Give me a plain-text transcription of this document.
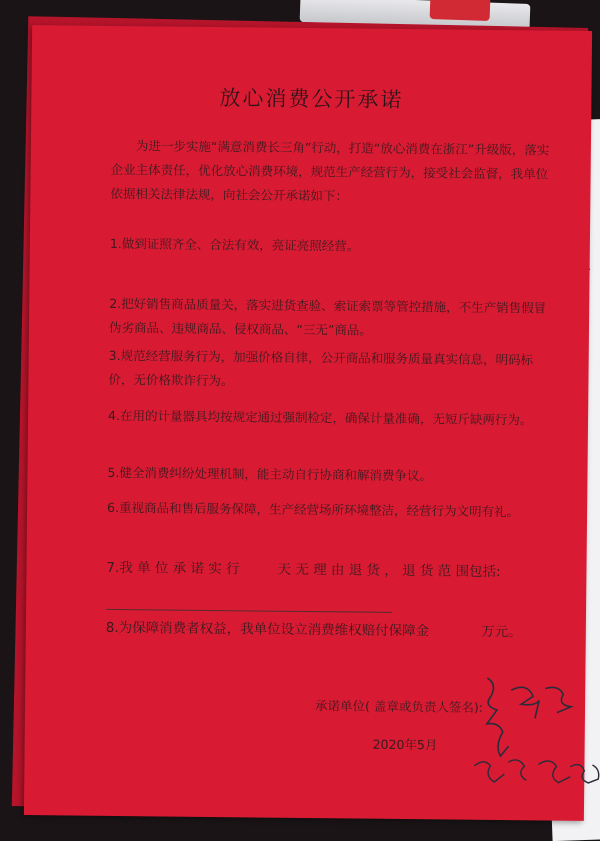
放心消费公开承诺
为进一步实施“满意消费长三角”行动，打造“放心消费在浙江”升级版，落实企业主体责任，优化放心消费环境，规范生产经营行为，接受社会监督，我单位依据相关法律法规，向社会公开承诺如下：
1.做到证照齐全、合法有效，亮证亮照经营。
2.把好销售商品质量关，落实进货查验、索证索票等管控措施，不生产销售假冒伪劣商品、违规商品、侵权商品、“三无”商品。
3.规范经营服务行为，加强价格自律，公开商品和服务质量真实信息，明码标价，无价格欺诈行为。
4.在用的计量器具均按规定通过强制检定，确保计量准确，无短斤缺两行为。
5.健全消费纠纷处理机制，能主动自行协商和解消费争议。
6.重视商品和售后服务保障，生产经营场所环境整洁，经营行为文明有礼。
7.我 单 位 承 诺 实 行	天 无 理 由 退 货 ， 退 货 范 围包括:
8.为保障消费者权益，我单位设立消费维权赔付保障金	万元。
承诺单位( 盖章或负责人签名):
2020年5月
